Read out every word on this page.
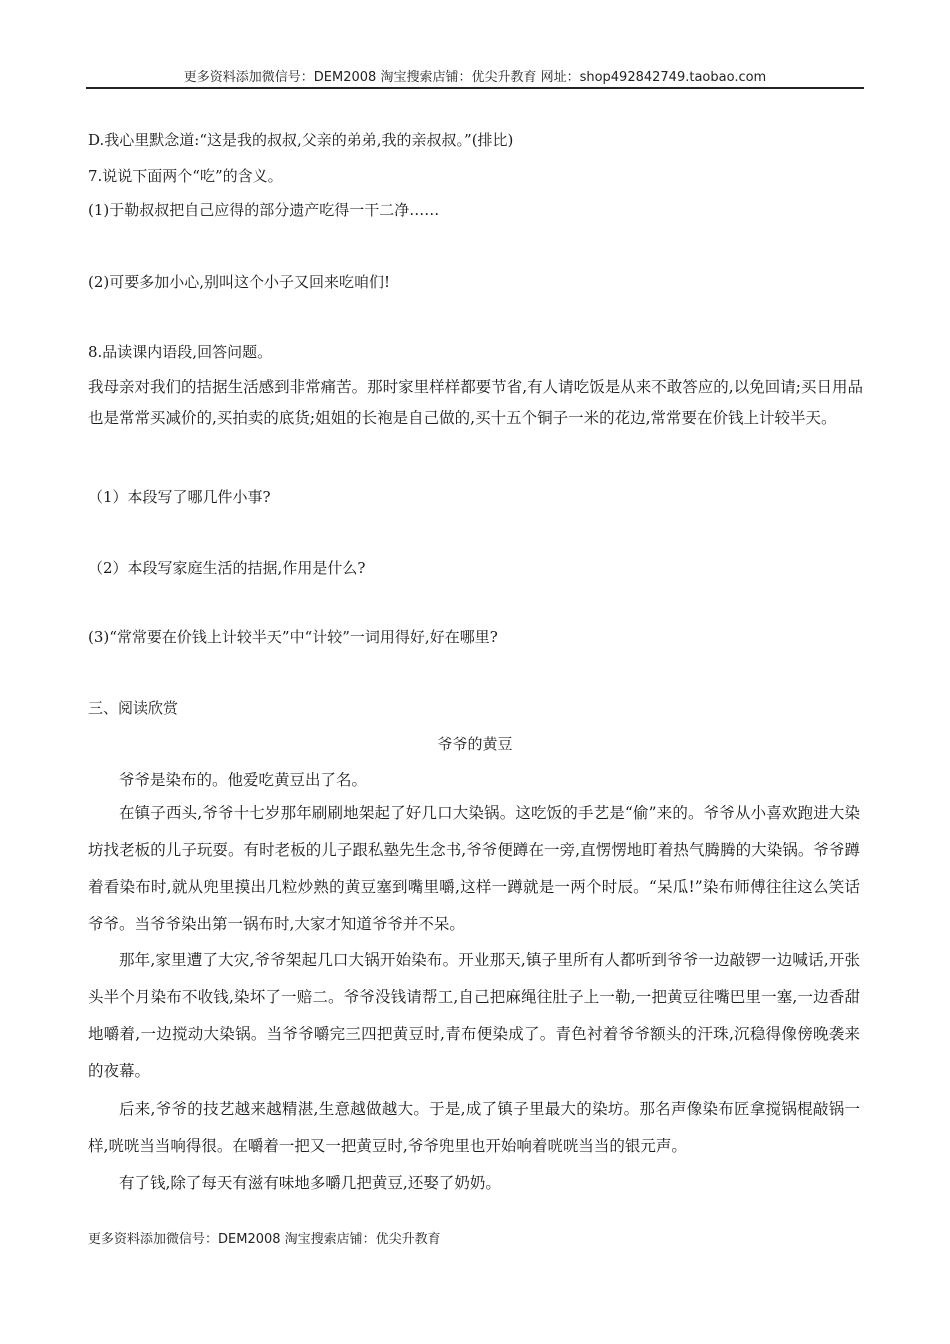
更多资料添加微信号：DEM2008 淘宝搜索店铺：优尖升教育 网址：shop492842749.taobao.com
D.我心里默念道:“这是我的叔叔,父亲的弟弟,我的亲叔叔。”(排比)
7.说说下面两个“吃”的含义。
(1)于勒叔叔把自己应得的部分遗产吃得一干二净……
(2)可要多加小心,别叫这个小子又回来吃咱们!
8.品读课内语段,回答问题。
我母亲对我们的拮据生活感到非常痛苦。那时家里样样都要节省,有人请吃饭是从来不敢答应的,以免回请;买日用品也是常常买减价的,买拍卖的底货;姐姐的长袍是自己做的,买十五个铜子一米的花边,常常要在价钱上计较半天。
（1）本段写了哪几件小事?
（2）本段写家庭生活的拮据,作用是什么?
(3)“常常要在价钱上计较半天”中“计较”一词用得好,好在哪里?
三、阅读欣赏
爷爷的黄豆
爷爷是染布的。他爱吃黄豆出了名。
在镇子西头,爷爷十七岁那年刷刷地架起了好几口大染锅。这吃饭的手艺是“偷”来的。爷爷从小喜欢跑进大染坊找老板的儿子玩耍。有时老板的儿子跟私塾先生念书,爷爷便蹲在一旁,直愣愣地盯着热气腾腾的大染锅。爷爷蹲着看染布时,就从兜里摸出几粒炒熟的黄豆塞到嘴里嚼,这样一蹲就是一两个时辰。“呆瓜!”染布师傅往往这么笑话爷爷。当爷爷染出第一锅布时,大家才知道爷爷并不呆。
那年,家里遭了大灾,爷爷架起几口大锅开始染布。开业那天,镇子里所有人都听到爷爷一边敲锣一边喊话,开张头半个月染布不收钱,染坏了一赔二。爷爷没钱请帮工,自己把麻绳往肚子上一勒,一把黄豆往嘴巴里一塞,一边香甜地嚼着,一边搅动大染锅。当爷爷嚼完三四把黄豆时,青布便染成了。青色衬着爷爷额头的汗珠,沉稳得像傍晚袭来的夜幕。
后来,爷爷的技艺越来越精湛,生意越做越大。于是,成了镇子里最大的染坊。那名声像染布匠拿搅锅棍敲锅一样,咣咣当当响得很。在嚼着一把又一把黄豆时,爷爷兜里也开始响着咣咣当当的银元声。
有了钱,除了每天有滋有味地多嚼几把黄豆,还娶了奶奶。
更多资料添加微信号：DEM2008 淘宝搜索店铺：优尖升教育
